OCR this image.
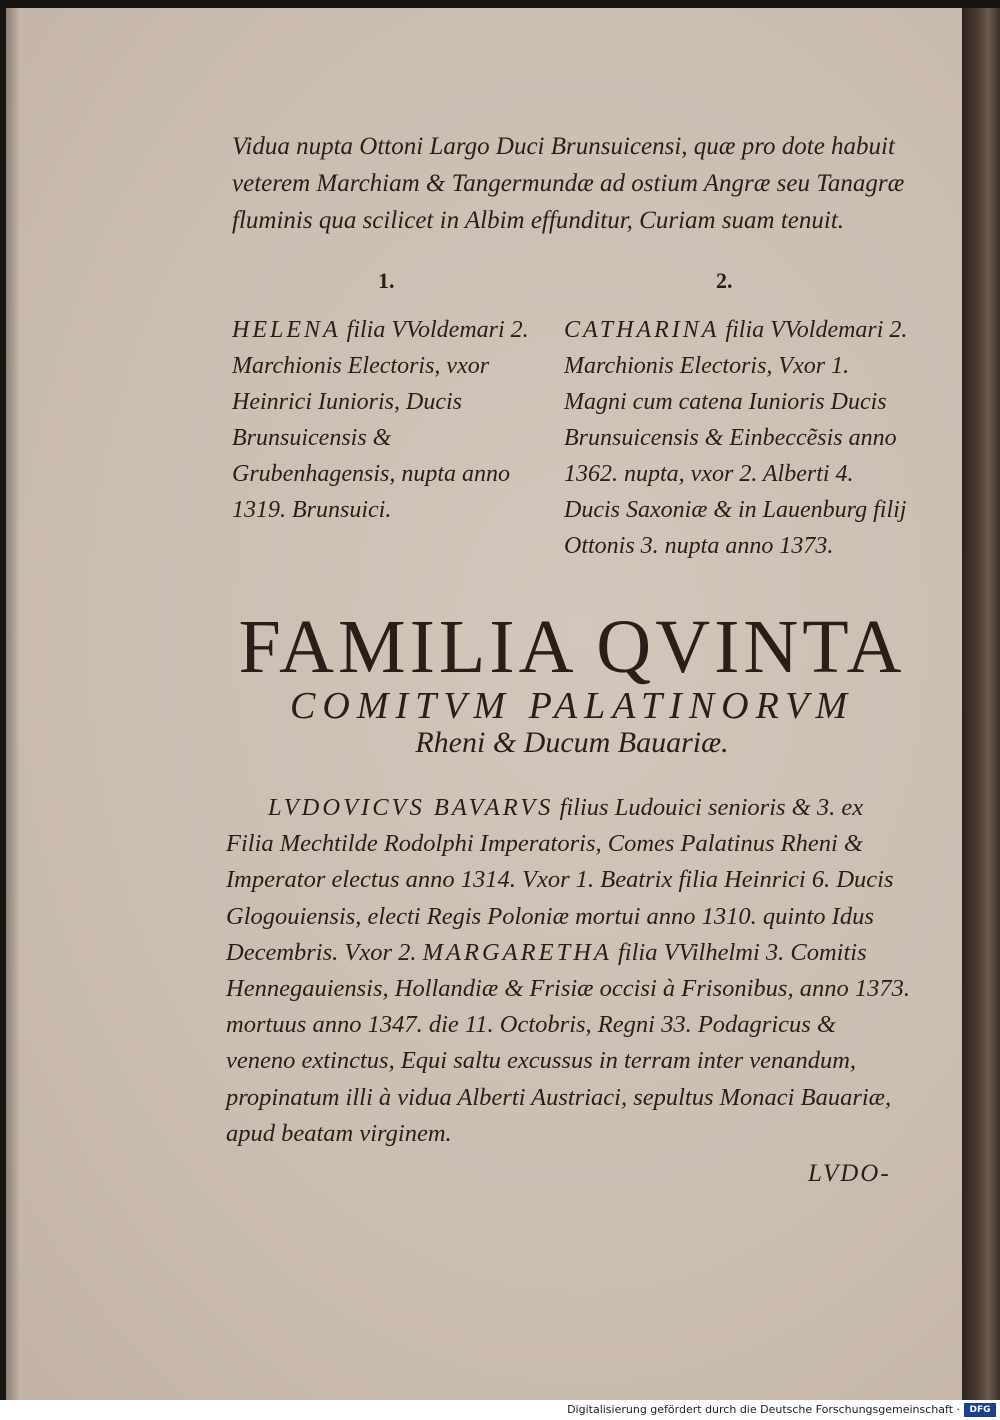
Vidua nupta Ottoni Largo Duci Brunsuicensi, quæ pro dote habuit veterem Marchiam & Tangermundæ ad ostium Angræ seu Tanagræ fluminis qua scilicet in Albim effunditur, Curiam suam tenuit.

1.	2.

HELENA filia VVoldemari 2. Marchionis Electoris, vxor Heinrici Iunioris, Ducis Brunsuicensis & Grubenhagensis, nupta anno 1319. Brunsuici.

CATHARINA filia VVoldemari 2. Marchionis Electoris, Vxor 1. Magni cum catena Iunioris Ducis Brunsuicensis & Einbeccẽsis anno 1362. nupta, vxor 2. Alberti 4. Ducis Saxoniæ & in Lauenburg filij Ottonis 3. nupta anno 1373.

FAMILIA QVINTA
COMITVM PALATINORVM
Rheni & Ducum Bauariæ.

LVDOVICVS BAVARVS filius Ludouici senioris & 3. ex Filia Mechtilde Rodolphi Imperatoris, Comes Palatinus Rheni & Imperator electus anno 1314. Vxor 1. Beatrix filia Heinrici 6. Ducis Glogouiensis, electi Regis Poloniæ mortui anno 1310. quinto Idus Decembris. Vxor 2. MARGARETHA filia VVilhelmi 3. Comitis Hennegauiensis, Hollandiæ & Frisiæ occisi à Frisonibus, anno 1373. mortuus anno 1347. die 11. Octobris, Regni 33. Podagricus & veneno extinctus, Equi saltu excussus in terram inter venandum, propinatum illi à vidua Alberti Austriaci, sepultus Monaci Bauariæ, apud beatam virginem.

LVDO-
Digitalisierung gefördert durch die Deutsche Forschungsgemeinschaft ·	DFG
